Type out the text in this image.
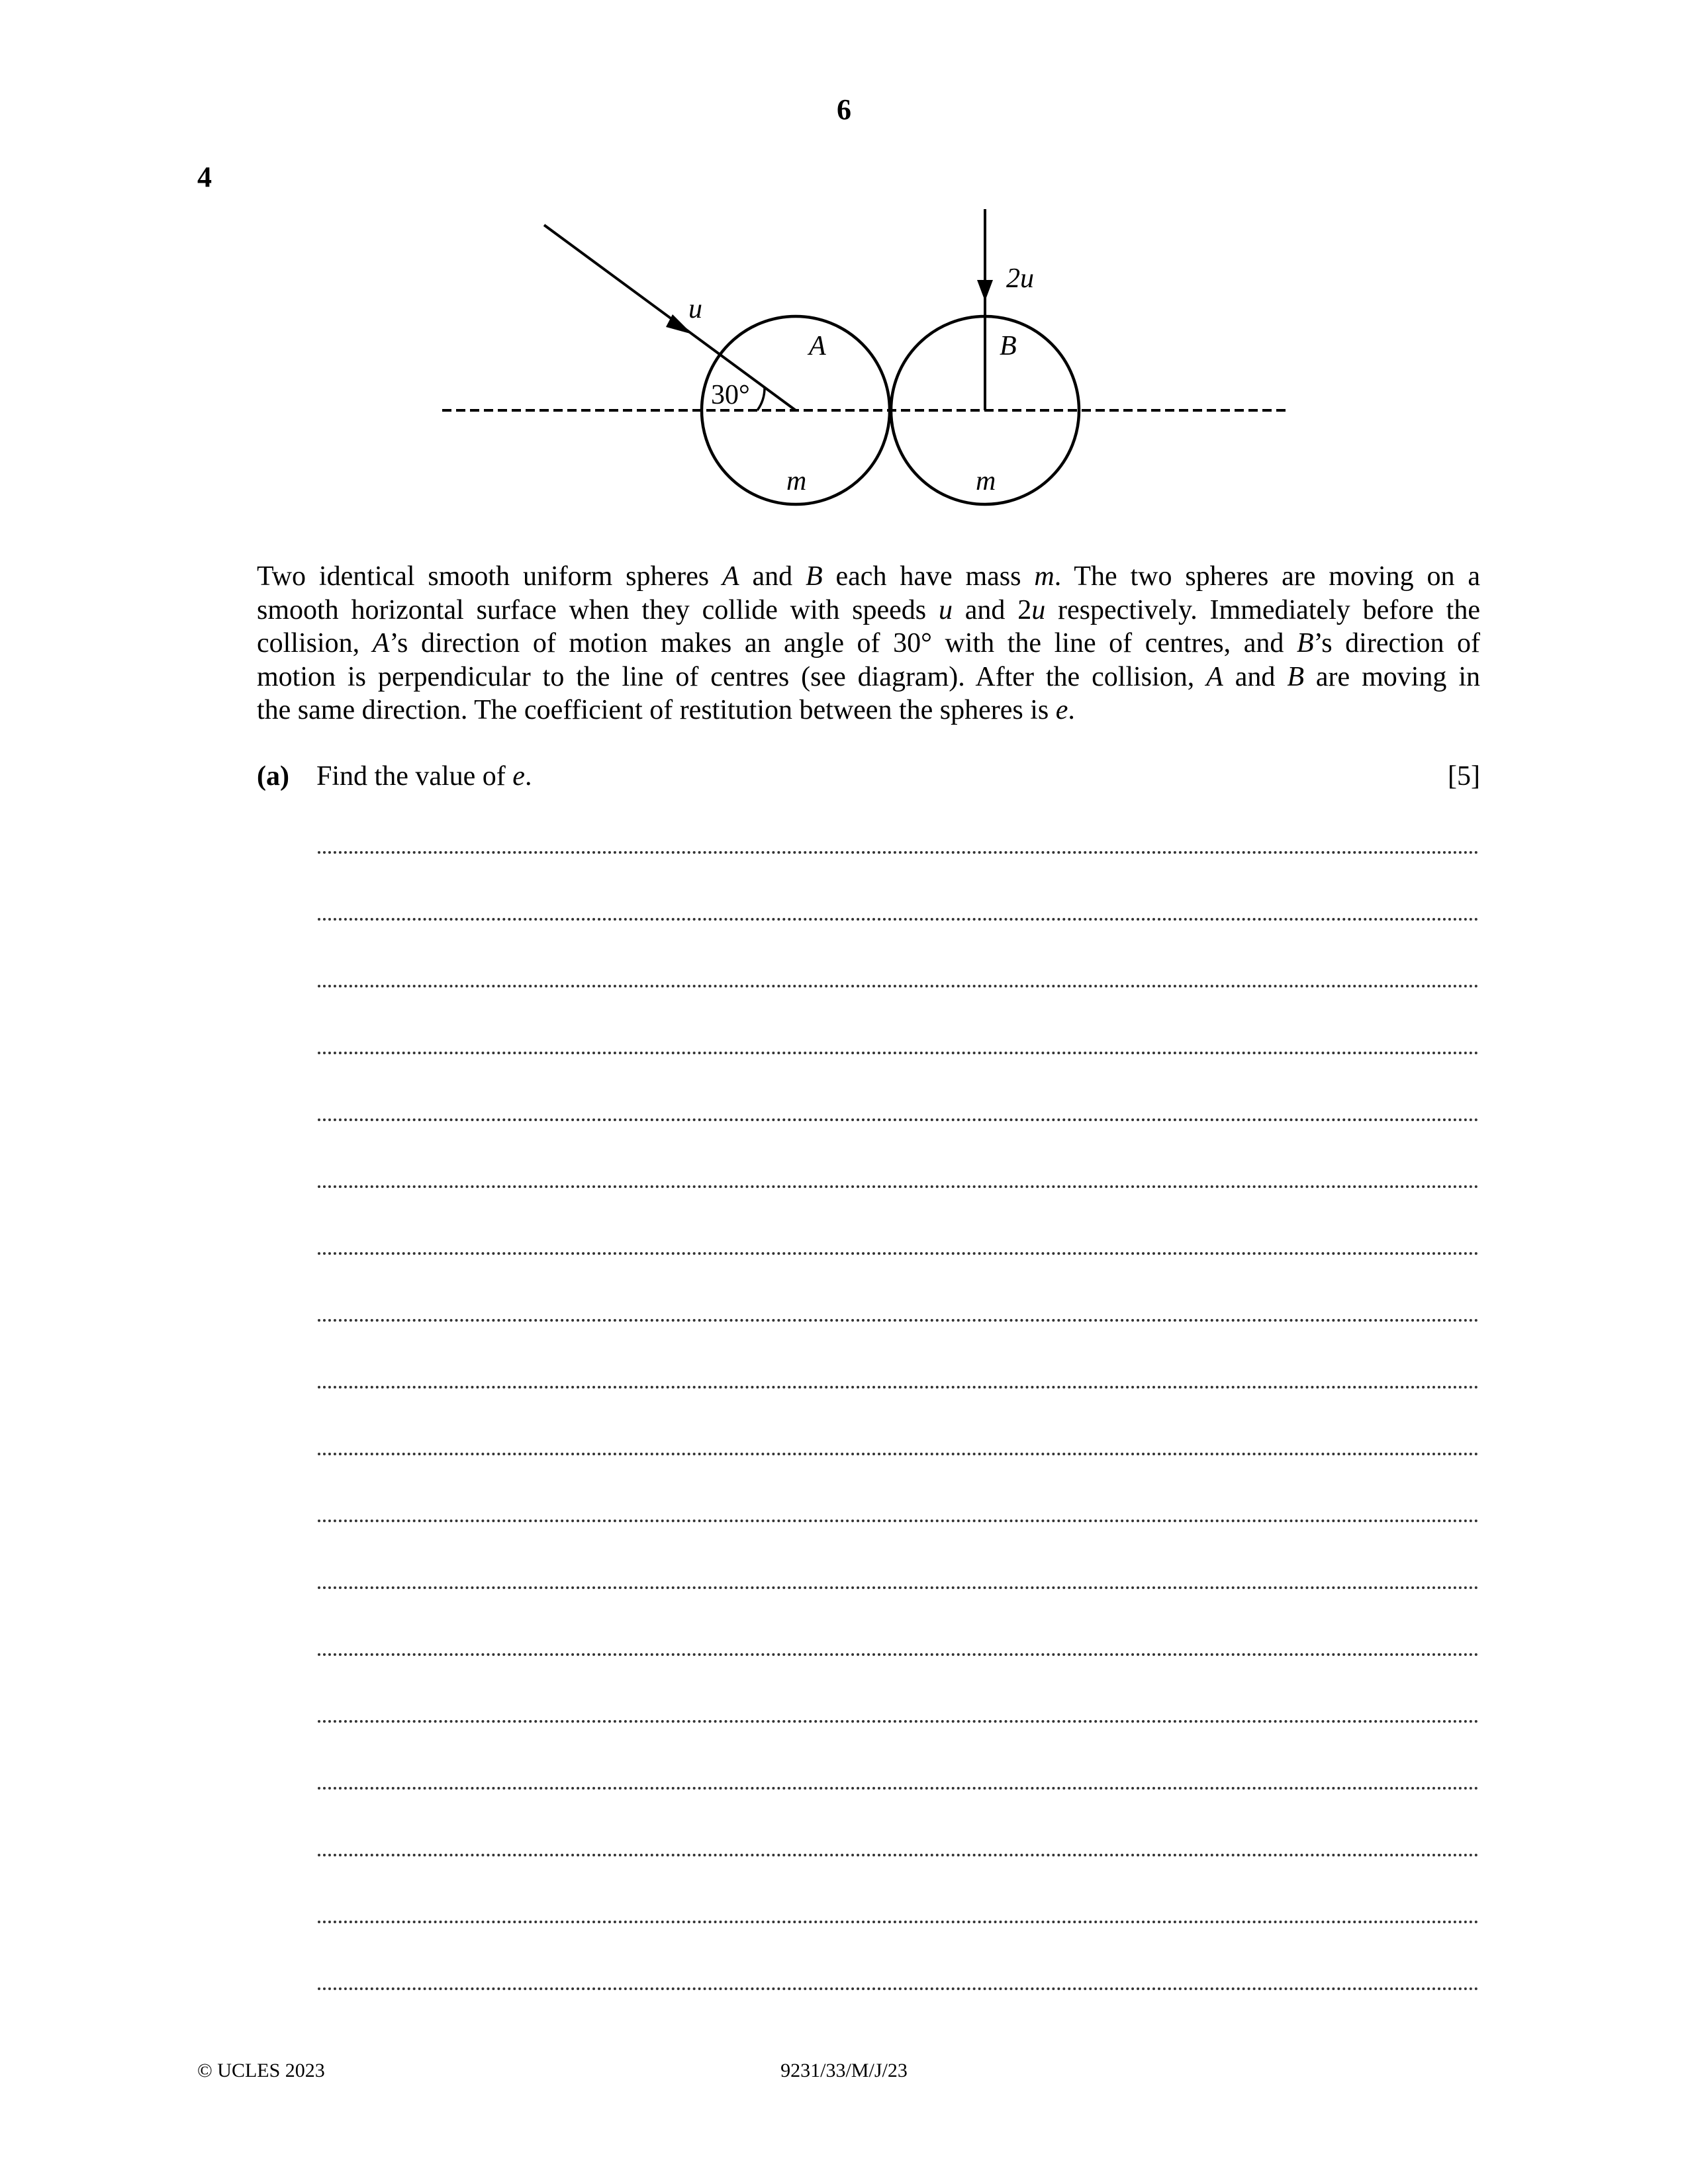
6
4
30°
u
2u
A	B
m	m
Two identical smooth uniform spheres A and B each have mass m. The two spheres are moving on a
smooth horizontal surface when they collide with speeds u and 2u respectively. Immediately before the
collision, A’s direction of motion makes an angle of 30° with the line of centres, and B’s direction of
motion is perpendicular to the line of centres (see diagram). After the collision, A and B are moving in
the same direction. The coefficient of restitution between the spheres is e.
(a) Find the value of e.	[5]
© UCLES 2023	9231/33/M/J/23
